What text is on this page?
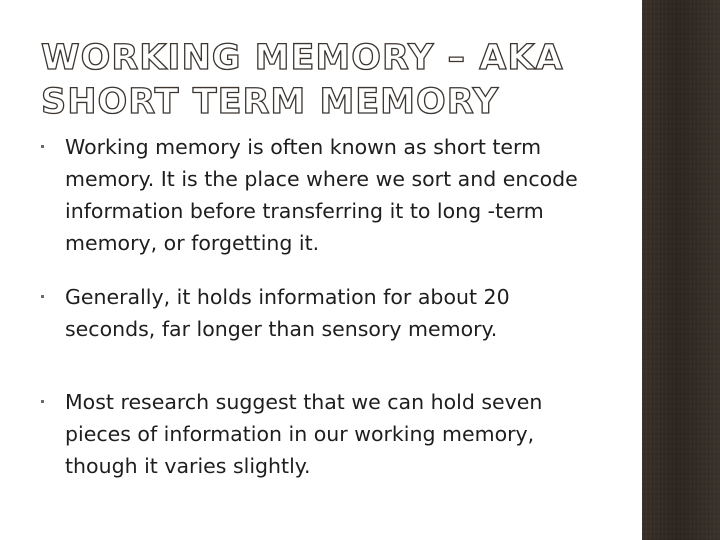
WORKING MEMORY – AKA SHORT TERM MEMORY
Working memory is often known as short term memory. It is the place where we sort and encode information before transferring it to long -term memory, or forgetting it.
Generally, it holds information for about 20 seconds, far longer than sensory memory.
Most research suggest that we can hold seven pieces of information in our working memory, though it varies slightly.
